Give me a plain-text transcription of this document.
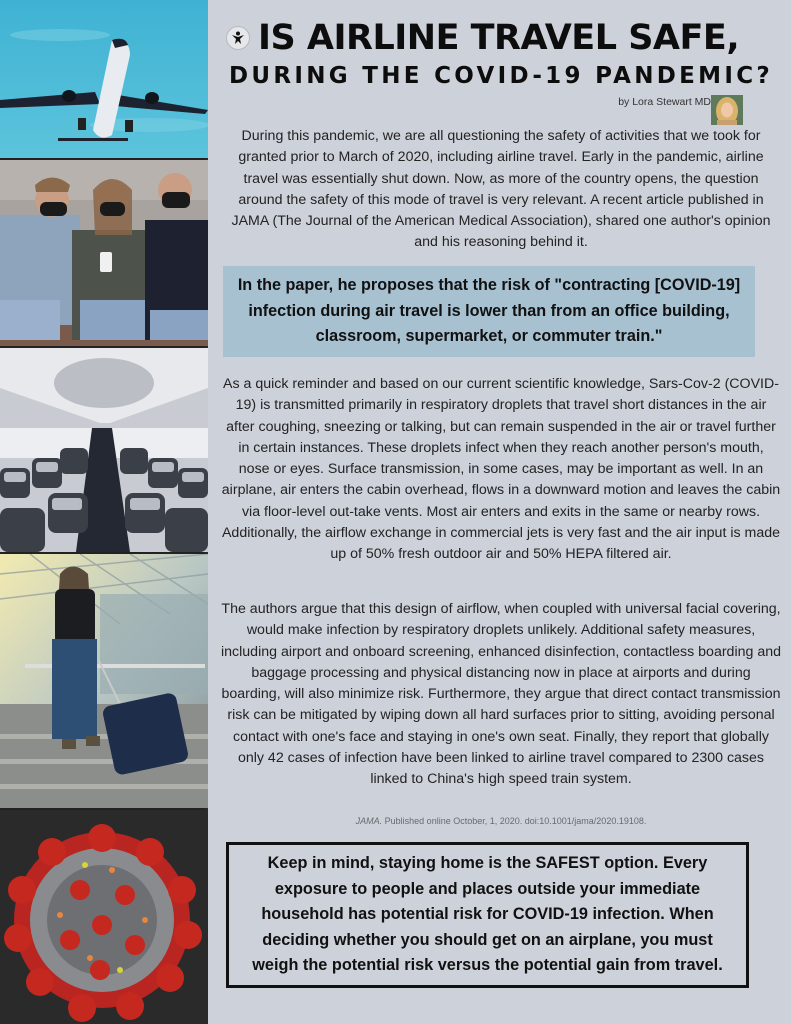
IS AIRLINE TRAVEL SAFE,
DURING THE COVID-19 PANDEMIC?
by Lora Stewart MD

During this pandemic, we are all questioning the safety of activities that we took for granted prior to March of 2020, including airline travel. Early in the pandemic, airline travel was essentially shut down. Now, as more of the country opens, the question around the safety of this mode of travel is very relevant. A recent article published in JAMA (The Journal of the American Medical Association), shared one author's opinion and his reasoning behind it.

In the paper, he proposes that the risk of "contracting [COVID-19] infection during air travel is lower than from an office building, classroom, supermarket, or commuter train."

As a quick reminder and based on our current scientific knowledge, Sars-Cov-2 (COVID-19) is transmitted primarily in respiratory droplets that travel short distances in the air after coughing, sneezing or talking, but can remain suspended in the air or travel further in certain instances. These droplets infect when they reach another person's mouth, nose or eyes. Surface transmission, in some cases, may be important as well. In an airplane, air enters the cabin overhead, flows in a downward motion and leaves the cabin via floor-level out-take vents. Most air enters and exits in the same or nearby rows. Additionally, the airflow exchange in commercial jets is very fast and the air input is made up of 50% fresh outdoor air and 50% HEPA filtered air.

The authors argue that this design of airflow, when coupled with universal facial covering, would make infection by respiratory droplets unlikely. Additional safety measures, including airport and onboard screening, enhanced disinfection, contactless boarding and baggage processing and physical distancing now in place at airports and during boarding, will also minimize risk. Furthermore, they argue that direct contact transmission risk can be mitigated by wiping down all hard surfaces prior to sitting, avoiding personal contact with one's face and staying in one's own seat. Finally, they report that globally only 42 cases of infection have been linked to airline travel compared to 2300 cases linked to China's high speed train system.

JAMA. Published online October, 1, 2020. doi:10.1001/jama/2020.19108.
Keep in mind, staying home is the SAFEST option. Every exposure to people and places outside your immediate household has potential risk for COVID-19 infection. When deciding whether you should get on an airplane, you must weigh the potential risk versus the potential gain from travel.
